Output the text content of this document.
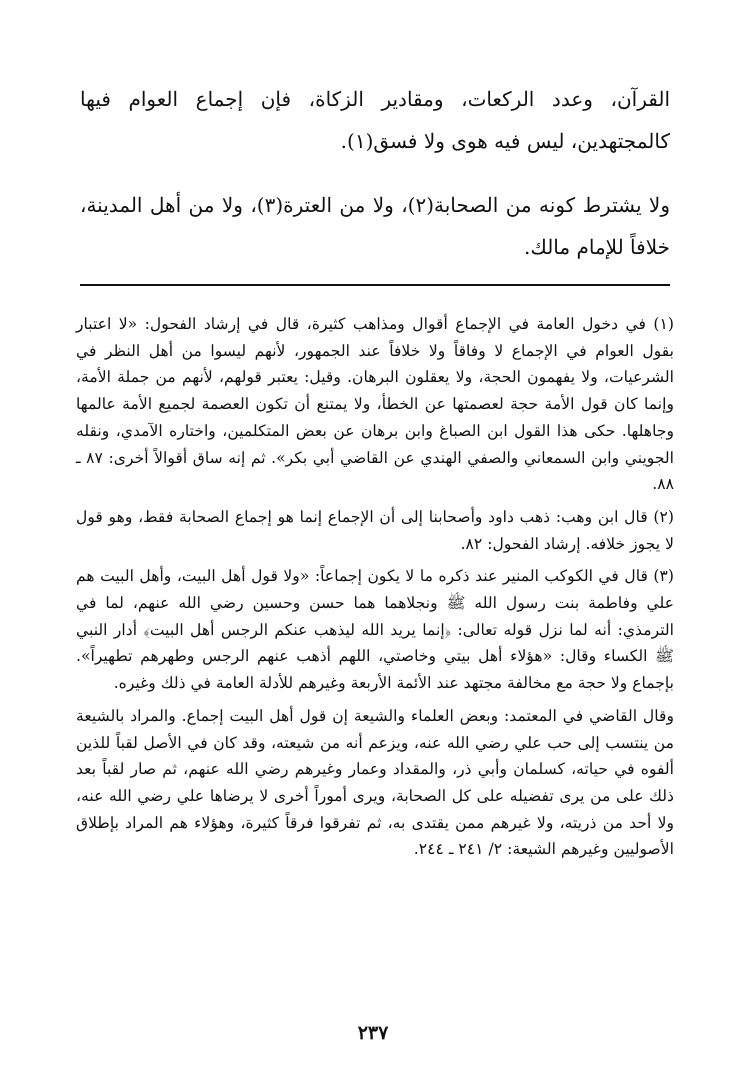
القرآن، وعدد الركعات، ومقادير الزكاة، فإن إجماع العوام فيها كالمجتهدين، ليس فيه هوى ولا فسق(١).

ولا يشترط كونه من الصحابة(٢)، ولا من العترة(٣)، ولا من أهل المدينة، خلافاً للإمام مالك.

(١) في دخول العامة في الإجماع أقوال ومذاهب كثيرة، قال في إرشاد الفحول: «لا اعتبار بقول العوام في الإجماع لا وفاقاً ولا خلافاً عند الجمهور، لأنهم ليسوا من أهل النظر في الشرعيات، ولا يفهمون الحجة، ولا يعقلون البرهان. وقيل: يعتبر قولهم، لأنهم من جملة الأمة، وإنما كان قول الأمة حجة لعصمتها عن الخطأ، ولا يمتنع أن تكون العصمة لجميع الأمة عالمها وجاهلها. حكى هذا القول ابن الصباغ وابن برهان عن بعض المتكلمين، واختاره الآمدي، ونقله الجويني وابن السمعاني والصفي الهندي عن القاضي أبي بكر». ثم إنه ساق أقوالاً أخرى: ٨٧ ـ ٨٨.

(٢) قال ابن وهب: ذهب داود وأصحابنا إلى أن الإجماع إنما هو إجماع الصحابة فقط، وهو قول لا يجوز خلافه. إرشاد الفحول: ٨٢.

(٣) قال في الكوكب المنير عند ذكره ما لا يكون إجماعاً: «ولا قول أهل البيت، وأهل البيت هم علي وفاطمة بنت رسول الله ﷺ ونجلاهما هما حسن وحسين رضي الله عنهم، لما في الترمذي: أنه لما نزل قوله تعالى: ﴿إنما يريد الله ليذهب عنكم الرجس أهل البيت﴾ أدار النبي ﷺ الكساء وقال: «هؤلاء أهل بيتي وخاصتي، اللهم أذهب عنهم الرجس وطهرهم تطهيراً». بإجماع ولا حجة مع مخالفة مجتهد عند الأئمة الأربعة وغيرهم للأدلة العامة في ذلك وغيره.

وقال القاضي في المعتمد: وبعض العلماء والشيعة إن قول أهل البيت إجماع. والمراد بالشيعة من ينتسب إلى حب علي رضي الله عنه، ويزعم أنه من شيعته، وقد كان في الأصل لقباً للذين ألفوه في حياته، كسلمان وأبي ذر، والمقداد وعمار وغيرهم رضي الله عنهم، ثم صار لقباً بعد ذلك على من يرى تفضيله على كل الصحابة، ويرى أموراً أخرى لا يرضاها علي رضي الله عنه، ولا أحد من ذريته، ولا غيرهم ممن يقتدى به، ثم تفرقوا فرقاً كثيرة، وهؤلاء هم المراد بإطلاق الأصوليين وغيرهم الشيعة: ٢/ ٢٤١ ـ ٢٤٤.

٢٣٧
